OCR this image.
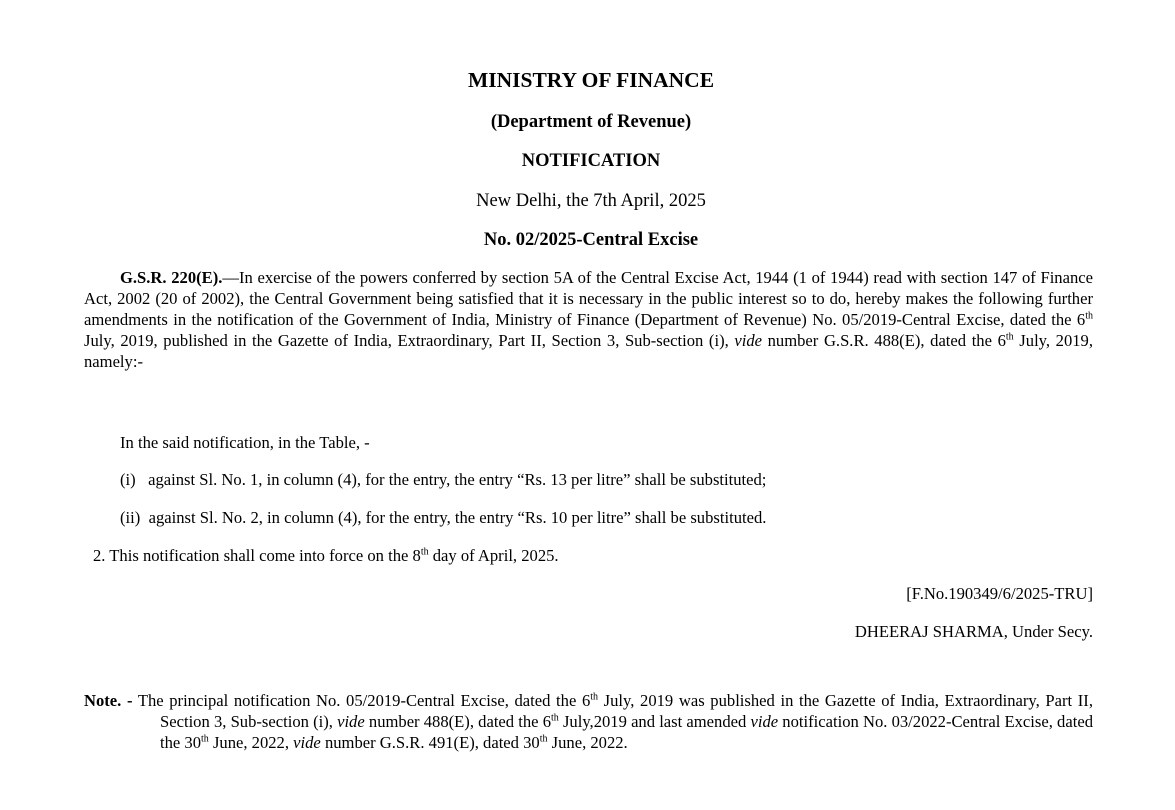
MINISTRY OF FINANCE
(Department of Revenue)
NOTIFICATION
New Delhi, the 7th April, 2025
No. 02/2025-Central Excise
G.S.R. 220(E).—In exercise of the powers conferred by section 5A of the Central Excise Act, 1944 (1 of 1944) read with section 147 of Finance Act, 2002 (20 of 2002), the Central Government being satisfied that it is necessary in the public interest so to do, hereby makes the following further amendments in the notification of the Government of India, Ministry of Finance (Department of Revenue) No. 05/2019-Central Excise, dated the 6th July, 2019, published in the Gazette of India, Extraordinary, Part II, Section 3, Sub-section (i), vide number G.S.R. 488(E), dated the 6th July, 2019, namely:-
In the said notification, in the Table, -
(i) against Sl. No. 1, in column (4), for the entry, the entry “Rs. 13 per litre” shall be substituted;
(ii) against Sl. No. 2, in column (4), for the entry, the entry “Rs. 10 per litre” shall be substituted.
2. This notification shall come into force on the 8th day of April, 2025.
[F.No.190349/6/2025-TRU]
DHEERAJ SHARMA, Under Secy.
Note. - The principal notification No. 05/2019-Central Excise, dated the 6th July, 2019 was published in the Gazette of India, Extraordinary, Part II, Section 3, Sub-section (i), vide number 488(E), dated the 6th July,2019 and last amended vide notification No. 03/2022-Central Excise, dated the 30th June, 2022, vide number G.S.R. 491(E), dated 30th June, 2022.
